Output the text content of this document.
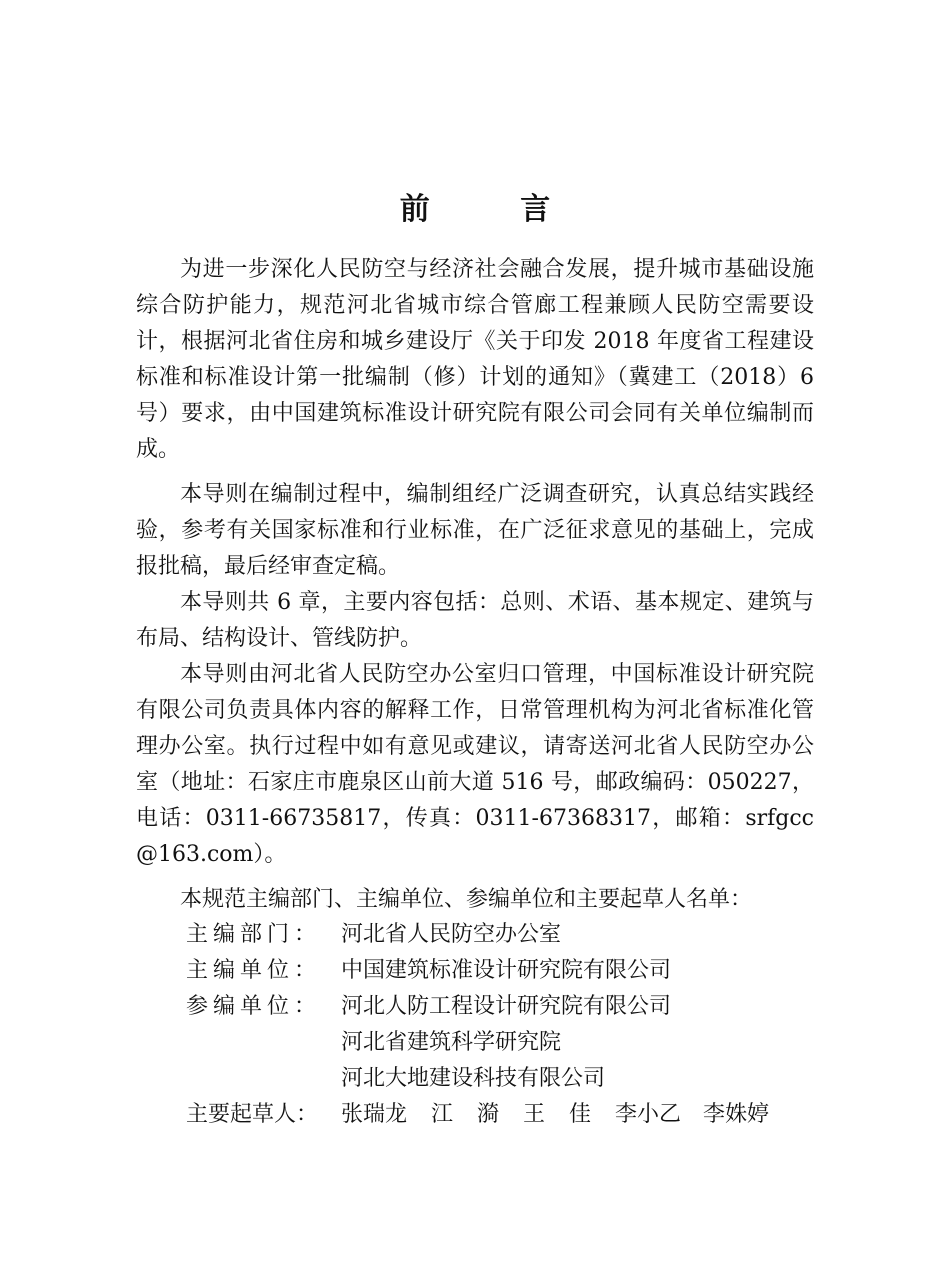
前 言

为进一步深化人民防空与经济社会融合发展，提升城市基础设施综合防护能力，规范河北省城市综合管廊工程兼顾人民防空需要设计，根据河北省住房和城乡建设厅《关于印发 2018 年度省工程建设标准和标准设计第一批编制（修）计划的通知》（冀建工（2018）6 号）要求，由中国建筑标准设计研究院有限公司会同有关单位编制而成。

本导则在编制过程中，编制组经广泛调查研究，认真总结实践经验，参考有关国家标准和行业标准，在广泛征求意见的基础上，完成报批稿，最后经审查定稿。

本导则共 6 章，主要内容包括：总则、术语、基本规定、建筑与布局、结构设计、管线防护。

本导则由河北省人民防空办公室归口管理，中国标准设计研究院有限公司负责具体内容的解释工作，日常管理机构为河北省标准化管理办公室。执行过程中如有意见或建议，请寄送河北省人民防空办公室（地址：石家庄市鹿泉区山前大道 516 号，邮政编码：050227，电话：0311-66735817，传真：0311-67368317，邮箱：srfgcc@163.com）。

本规范主编部门、主编单位、参编单位和主要起草人名单：

主编部门： 河北省人民防空办公室
主编单位： 中国建筑标准设计研究院有限公司
参编单位： 河北人防工程设计研究院有限公司
河北省建筑科学研究院
河北大地建设科技有限公司
主要起草人：	张瑞龙 江 漪 王 佳 李小乙 李姝婷
